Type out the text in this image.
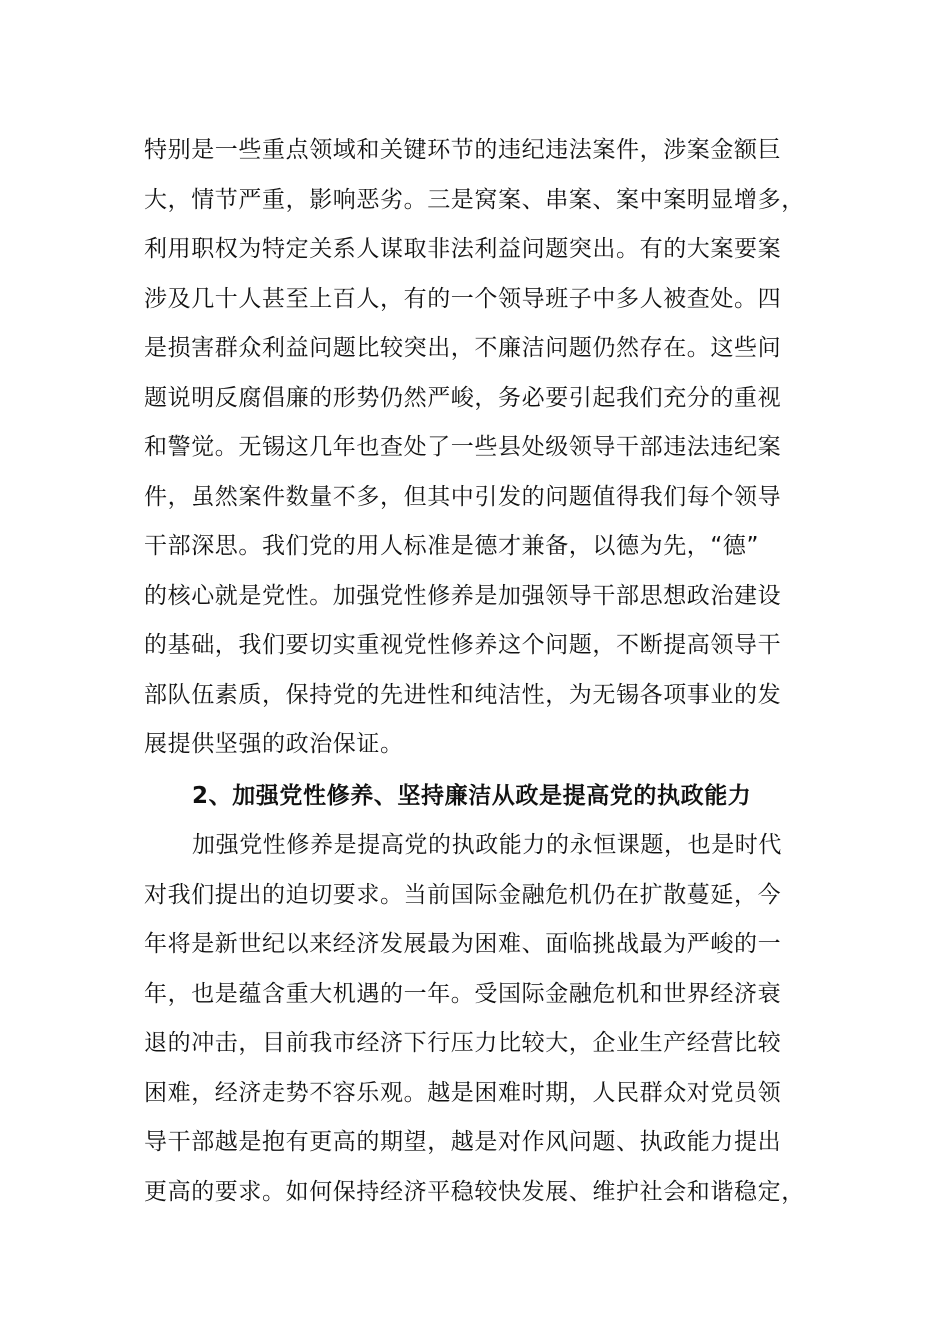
特别是一些重点领域和关键环节的违纪违法案件，涉案金额巨
大，情节严重，影响恶劣。三是窝案、串案、案中案明显增多，
利用职权为特定关系人谋取非法利益问题突出。有的大案要案
涉及几十人甚至上百人，有的一个领导班子中多人被查处。四
是损害群众利益问题比较突出，不廉洁问题仍然存在。这些问
题说明反腐倡廉的形势仍然严峻，务必要引起我们充分的重视
和警觉。无锡这几年也查处了一些县处级领导干部违法违纪案
件，虽然案件数量不多，但其中引发的问题值得我们每个领导
干部深思。我们党的用人标准是德才兼备，以德为先，“德”
的核心就是党性。加强党性修养是加强领导干部思想政治建设
的基础，我们要切实重视党性修养这个问题，不断提高领导干
部队伍素质，保持党的先进性和纯洁性，为无锡各项事业的发
展提供坚强的政治保证。
2、加强党性修养、坚持廉洁从政是提高党的执政能力
加强党性修养是提高党的执政能力的永恒课题，也是时代
对我们提出的迫切要求。当前国际金融危机仍在扩散蔓延，今
年将是新世纪以来经济发展最为困难、面临挑战最为严峻的一
年，也是蕴含重大机遇的一年。受国际金融危机和世界经济衰
退的冲击，目前我市经济下行压力比较大，企业生产经营比较
困难，经济走势不容乐观。越是困难时期，人民群众对党员领
导干部越是抱有更高的期望，越是对作风问题、执政能力提出
更高的要求。如何保持经济平稳较快发展、维护社会和谐稳定，
